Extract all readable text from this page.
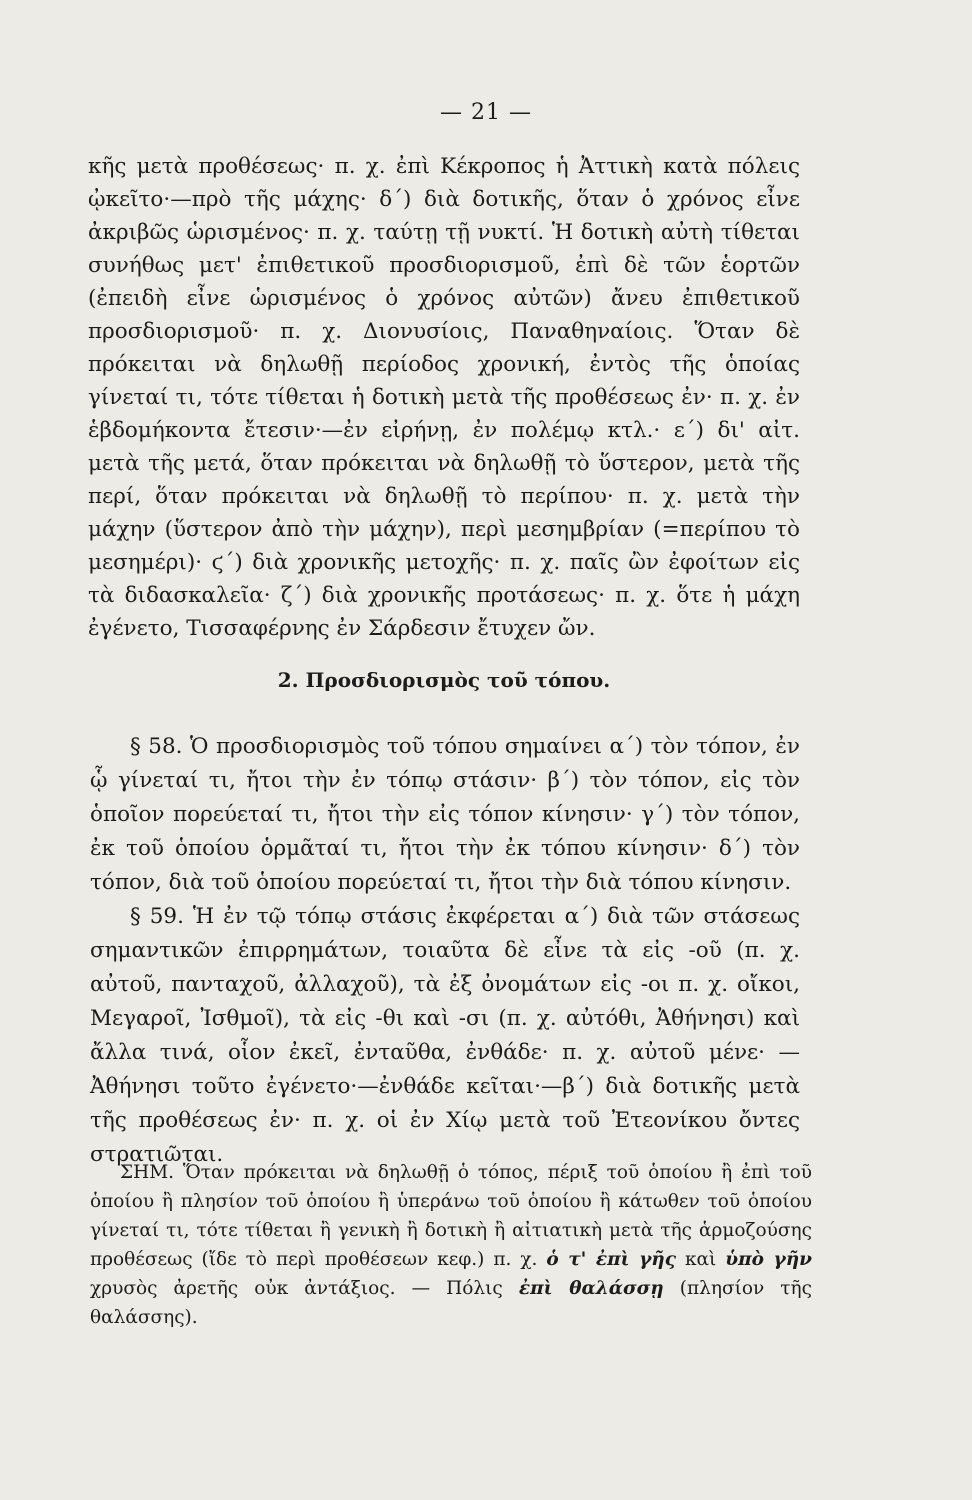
— 21 —

κῆς μετὰ προθέσεως· π. χ. ἐπὶ Κέκροπος ἡ Ἀττικὴ κατὰ πόλεις ᾠκεῖτο·—πρὸ τῆς μάχης· δ΄) διὰ δοτικῆς, ὅταν ὁ χρόνος εἶνε ἀκριβῶς ὡρισμένος· π. χ. ταύτῃ τῇ νυκτί. Ἡ δοτικὴ αὐτὴ τίθεται συνήθως μετ' ἐπιθετικοῦ προσδιορισμοῦ, ἐπὶ δὲ τῶν ἑορτῶν (ἐπειδὴ εἶνε ὡρισμένος ὁ χρόνος αὐτῶν) ἄνευ ἐπιθετικοῦ προσδιορισμοῦ· π. χ. Διονυσίοις, Παναθηναίοις. Ὅταν δὲ πρόκειται νὰ δηλωθῇ περίοδος χρονική, ἐντὸς τῆς ὁποίας γίνεταί τι, τότε τίθεται ἡ δοτικὴ μετὰ τῆς προθέσεως ἐν· π. χ. ἐν ἑβδομήκοντα ἔτεσιν·—ἐν εἰρήνῃ, ἐν πολέμῳ κτλ.· ε΄) δι' αἰτ. μετὰ τῆς μετά, ὅταν πρόκειται νὰ δηλωθῇ τὸ ὕστερον, μετὰ τῆς περί, ὅταν πρόκειται νὰ δηλωθῇ τὸ περίπου· π. χ. μετὰ τὴν μάχην (ὕστερον ἀπὸ τὴν μάχην), περὶ μεσημβρίαν (=περίπου τὸ μεσημέρι)· ϛ΄) διὰ χρονικῆς μετοχῆς· π. χ. παῖς ὢν ἐφοίτων εἰς τὰ διδασκαλεῖα· ζ΄) διὰ χρονικῆς προτάσεως· π. χ. ὅτε ἡ μάχη ἐγένετο, Τισσαφέρνης ἐν Σάρδεσιν ἔτυχεν ὤν.

2. Προσδιορισμὸς τοῦ τόπου.

§ 58. Ὁ προσδιορισμὸς τοῦ τόπου σημαίνει α΄) τὸν τόπον, ἐν ᾧ γίνεταί τι, ἤτοι τὴν ἐν τόπῳ στάσιν· β΄) τὸν τόπον, εἰς τὸν ὁποῖον πορεύεταί τι, ἤτοι τὴν εἰς τόπον κίνησιν· γ΄) τὸν τόπον, ἐκ τοῦ ὁποίου ὁρμᾶταί τι, ἤτοι τὴν ἐκ τόπου κίνησιν· δ΄) τὸν τόπον, διὰ τοῦ ὁποίου πορεύεταί τι, ἤτοι τὴν διὰ τόπου κίνησιν.

§ 59. Ἡ ἐν τῷ τόπῳ στάσις ἐκφέρεται α΄) διὰ τῶν στάσεως σημαντικῶν ἐπιρρημάτων, τοιαῦτα δὲ εἶνε τὰ εἰς -οῦ (π. χ. αὐτοῦ, πανταχοῦ, ἀλλαχοῦ), τὰ ἐξ ὀνομάτων εἰς -οι π. χ. οἴκοι, Μεγαροῖ, Ἰσθμοῖ), τὰ εἰς -θι καὶ -σι (π. χ. αὐτόθι, Ἀθήνησι) καὶ ἄλλα τινά, οἷον ἐκεῖ, ἐνταῦθα, ἐνθάδε· π. χ. αὐτοῦ μένε· —Ἀθήνησι τοῦτο ἐγένετο·—ἐνθάδε κεῖται·—β΄) διὰ δοτικῆς μετὰ τῆς προθέσεως ἐν· π. χ. οἱ ἐν Χίῳ μετὰ τοῦ Ἐτεονίκου ὄντες στρατιῶται.

ΣΗΜ. Ὅταν πρόκειται νὰ δηλωθῇ ὁ τόπος, πέριξ τοῦ ὁποίου ἢ ἐπὶ τοῦ ὁποίου ἢ πλησίον τοῦ ὁποίου ἢ ὑπεράνω τοῦ ὁποίου ἢ κάτωθεν τοῦ ὁποίου γίνεταί τι, τότε τίθεται ἢ γενικὴ ἢ δοτικὴ ἢ αἰτιατικὴ μετὰ τῆς ἁρμοζούσης προθέσεως (ἴδε τὸ περὶ προθέσεων κεφ.) π. χ. ὁ τ' ἐπὶ γῆς καὶ ὑπὸ γῆν χρυσὸς ἀρετῆς οὐκ ἀντάξιος. — Πόλις ἐπὶ θαλάσσῃ (πλησίον τῆς θαλάσσης).
